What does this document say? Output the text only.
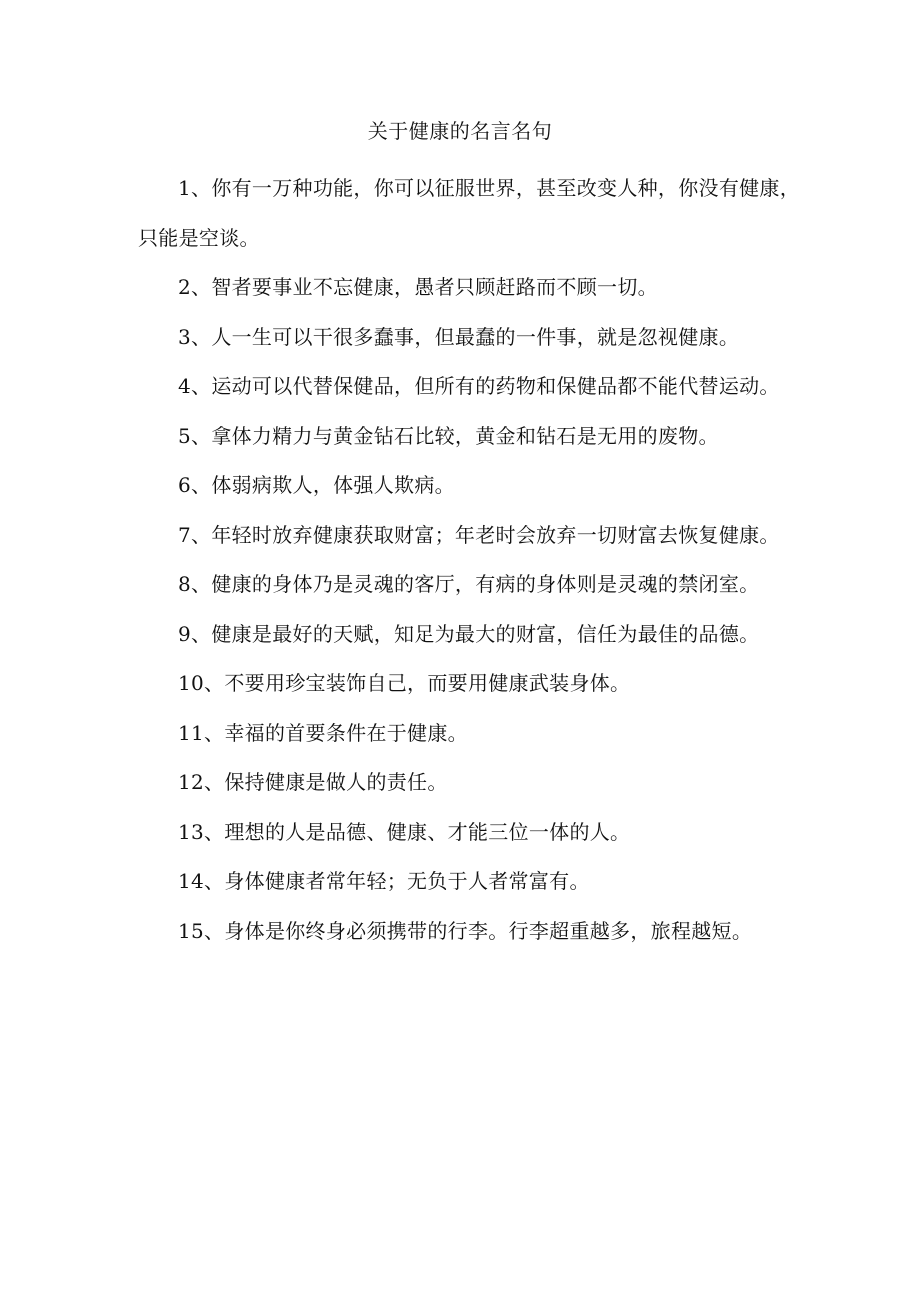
关于健康的名言名句

1、你有一万种功能，你可以征服世界，甚至改变人种，你没有健康，只能是空谈。

2、智者要事业不忘健康，愚者只顾赶路而不顾一切。

3、人一生可以干很多蠢事，但最蠢的一件事，就是忽视健康。

4、运动可以代替保健品，但所有的药物和保健品都不能代替运动。

5、拿体力精力与黄金钻石比较，黄金和钻石是无用的废物。

6、体弱病欺人，体强人欺病。

7、年轻时放弃健康获取财富；年老时会放弃一切财富去恢复健康。

8、健康的身体乃是灵魂的客厅，有病的身体则是灵魂的禁闭室。

9、健康是最好的天赋，知足为最大的财富，信任为最佳的品德。

10、不要用珍宝装饰自己，而要用健康武装身体。

11、幸福的首要条件在于健康。

12、保持健康是做人的责任。

13、理想的人是品德、健康、才能三位一体的人。

14、身体健康者常年轻；无负于人者常富有。

15、身体是你终身必须携带的行李。行李超重越多，旅程越短。
